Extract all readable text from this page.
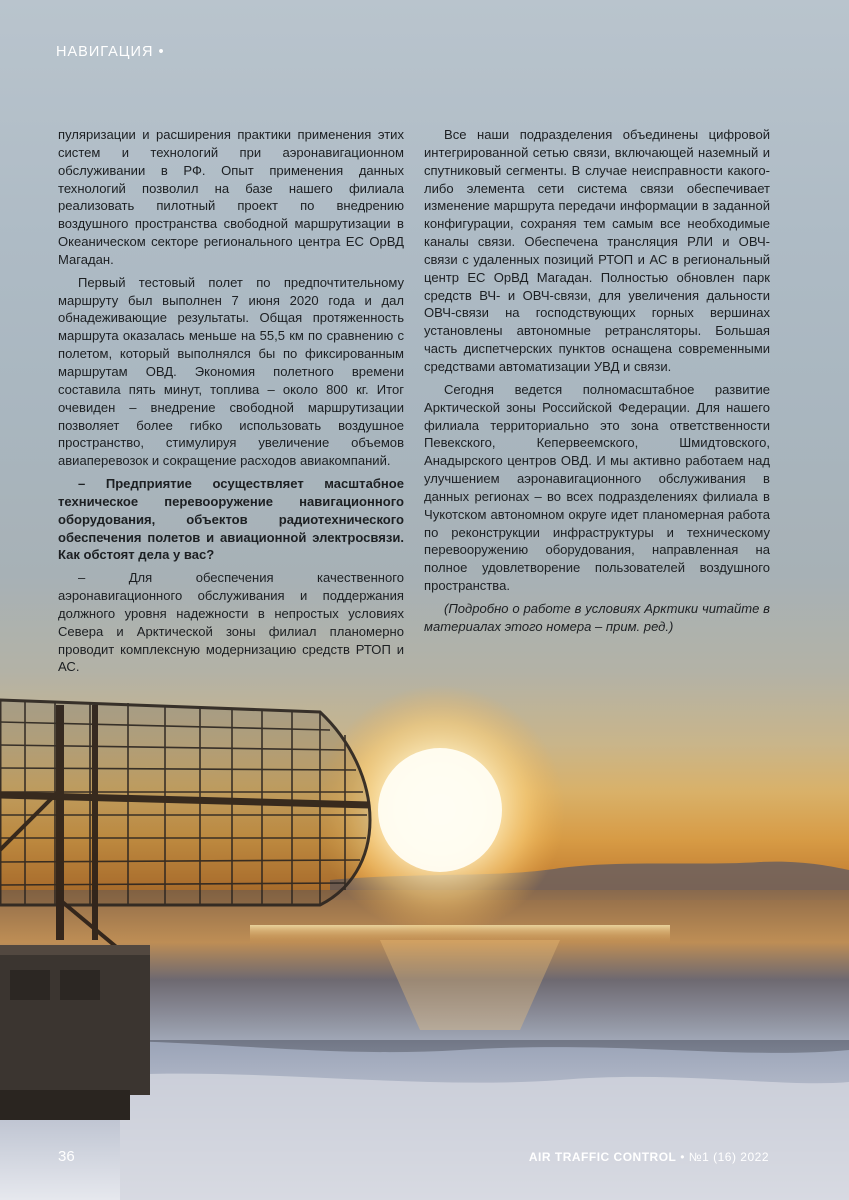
НАВИГАЦИЯ •

пуляризации и расширения практики применения этих систем и технологий при аэронавигационном обслуживании в РФ. Опыт применения данных технологий позволил на базе нашего филиала реализовать пилотный проект по внедрению воздушного пространства свободной маршрутизации в Океаническом секторе регионального центра ЕС ОрВД Магадан.

Первый тестовый полет по предпочтительному маршруту был выполнен 7 июня 2020 года и дал обнадеживающие результаты. Общая протяженность маршрута оказалась меньше на 55,5 км по сравнению с полетом, который выполнялся бы по фиксированным маршрутам ОВД. Экономия полетного времени составила пять минут, топлива – около 800 кг. Итог очевиден – внедрение свободной маршрутизации позволяет более гибко использовать воздушное пространство, стимулируя увеличение объемов авиаперевозок и сокращение расходов авиакомпаний.

– Предприятие осуществляет масштабное техническое перевооружение навигационного оборудования, объектов радиотехнического обеспечения полетов и авиационной электросвязи. Как обстоят дела у вас?

– Для обеспечения качественного аэронавигационного обслуживания и поддержания должного уровня надежности в непростых условиях Севера и Арктической зоны филиал планомерно проводит комплексную модернизацию средств РТОП и АС.

Все наши подразделения объединены цифровой интегрированной сетью связи, включающей наземный и спутниковый сегменты. В случае неисправности какого-либо элемента сети система связи обеспечивает изменение маршрута передачи информации в заданной конфигурации, сохраняя тем самым все необходимые каналы связи. Обеспечена трансляция РЛИ и ОВЧ-связи с удаленных позиций РТОП и АС в региональный центр ЕС ОрВД Магадан. Полностью обновлен парк средств ВЧ- и ОВЧ-связи, для увеличения дальности ОВЧ-связи на господствующих горных вершинах установлены автономные ретрансляторы. Большая часть диспетчерских пунктов оснащена современными средствами автоматизации УВД и связи.

Сегодня ведется полномасштабное развитие Арктической зоны Российской Федерации. Для нашего филиала территориально это зона ответственности Певекского, Кепервеемского, Шмидтовского, Анадырского центров ОВД. И мы активно работаем над улучшением аэронавигационного обслуживания в данных регионах – во всех подразделениях филиала в Чукотском автономном округе идет планомерная работа по реконструкции инфраструктуры и техническому перевооружению оборудования, направленная на полное удовлетворение пользователей воздушного пространства.

(Подробно о работе в условиях Арктики читайте в материалах этого номера – прим. ред.)

36	AIR TRAFFIC CONTROL • №1 (16) 2022
